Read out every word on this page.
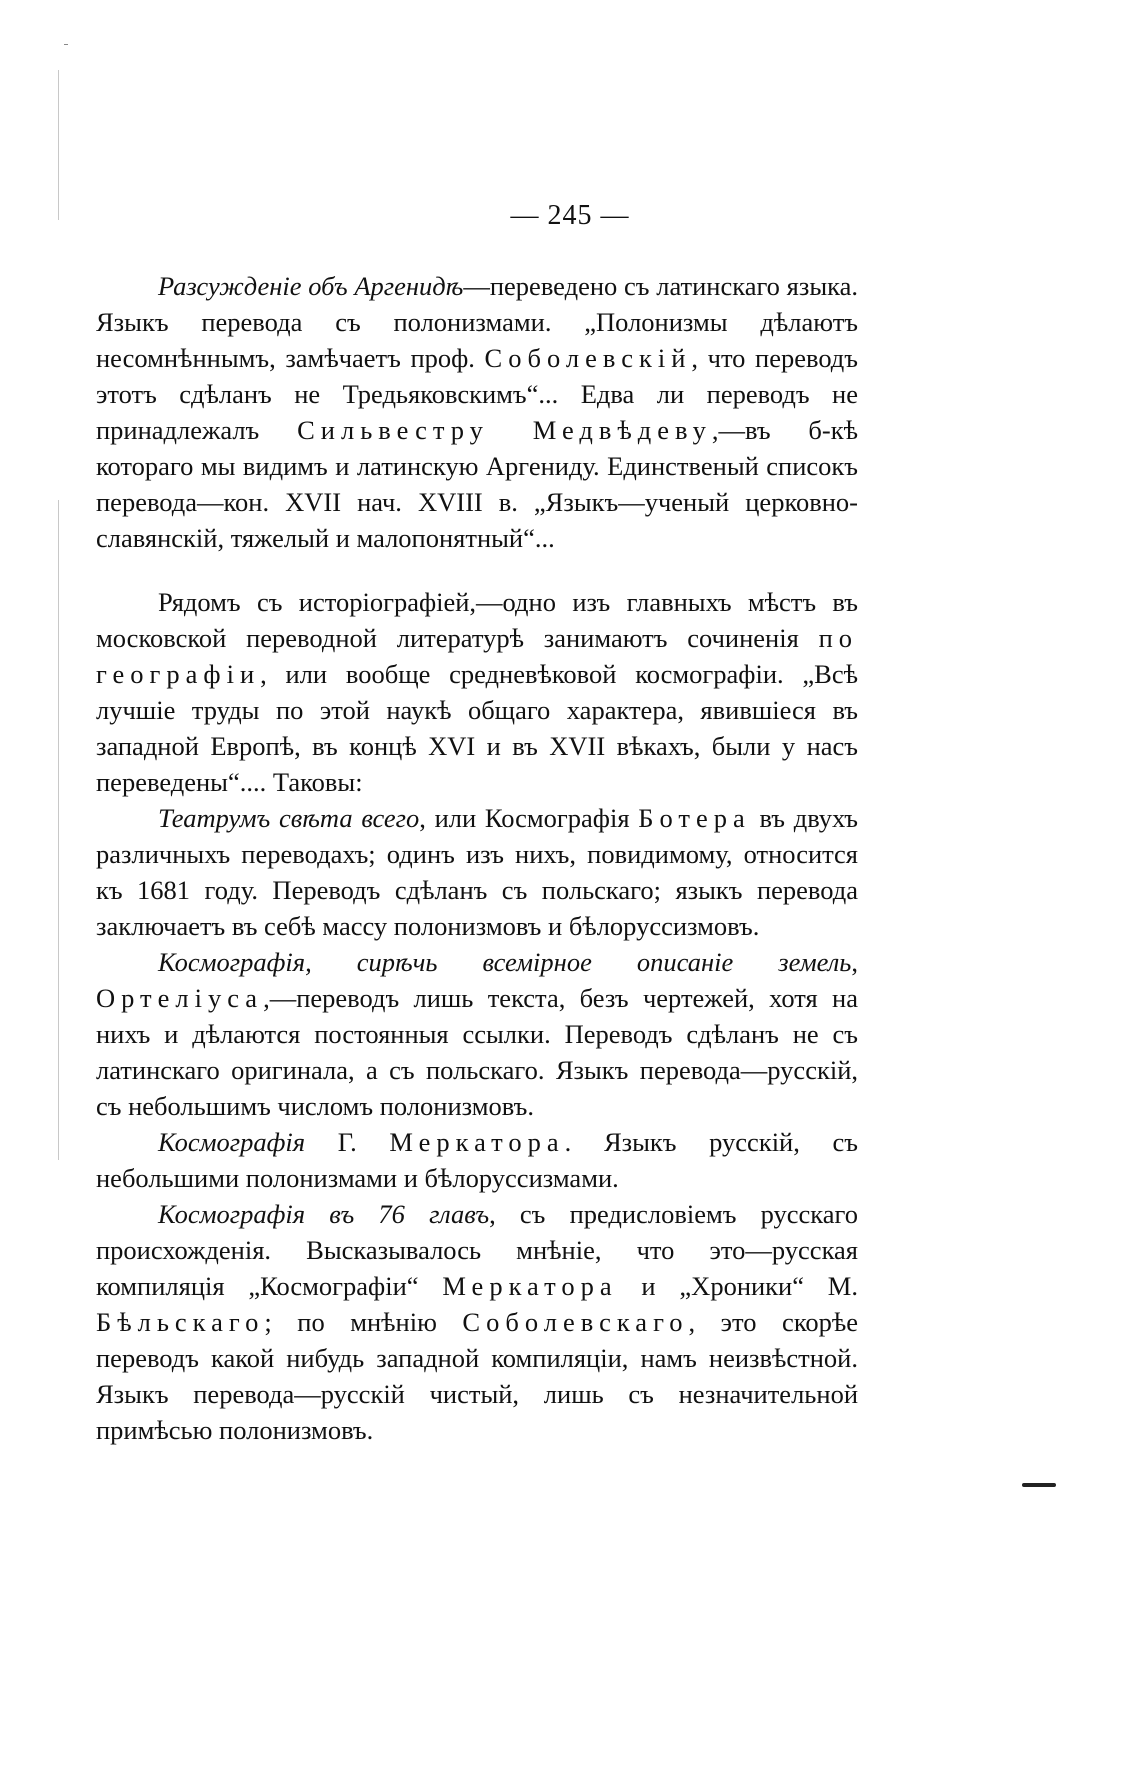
— 245 —

Разсужденіе объ Аргенидѣ—переведено съ латинскаго языка. Языкъ перевода съ полонизмами. „Полонизмы дѣлаютъ несомнѣннымъ, замѣчаетъ проф. Соболевскій, что переводъ этотъ сдѣланъ не Тредьяковскимъ“... Едва ли переводъ не принадлежалъ Сильвестру Медвѣдеву,—въ б-кѣ котораго мы видимъ и латинскую Аргениду. Единственый списокъ перевода—кон. XVII нач. XVIII в. „Языкъ—ученый церковно-славянскій, тяжелый и малопонятный“...

Рядомъ съ исторіографіей,—одно изъ главныхъ мѣстъ въ московской переводной литературѣ занимаютъ сочиненія по географіи, или вообще средневѣковой космографіи. „Всѣ лучшіе труды по этой наукѣ общаго характера, явившіеся въ западной Европѣ, въ концѣ XVI и въ XVII вѣкахъ, были у насъ переведены“.... Таковы:

Театрумъ свѣта всего, или Космографія Ботера въ двухъ различныхъ переводахъ; одинъ изъ нихъ, повидимому, относится къ 1681 году. Переводъ сдѣланъ съ польскаго; языкъ перевода заключаетъ въ себѣ массу полонизмовъ и бѣлоруссизмовъ.

Космографія, сирѣчь всемірное описаніе земель, Ортеліуса,—переводъ лишь текста, безъ чертежей, хотя на нихъ и дѣлаются постоянныя ссылки. Переводъ сдѣланъ не съ латинскаго оригинала, а съ польскаго. Языкъ перевода—русскій, съ небольшимъ числомъ полонизмовъ.

Космографія Г. Меркатора. Языкъ русскій, съ небольшими полонизмами и бѣлоруссизмами.

Космографія въ 76 главъ, съ предисловіемъ русскаго происхожденія. Высказывалось мнѣніе, что это—русская компиляція „Космографіи“ Меркатора и „Хроники“ М. Бѣльскаго; по мнѣнію Соболевскаго, это скорѣе переводъ какой нибудь западной компиляціи, намъ неизвѣстной. Языкъ перевода—русскій чистый, лишь съ незначительной примѣсью полонизмовъ.
